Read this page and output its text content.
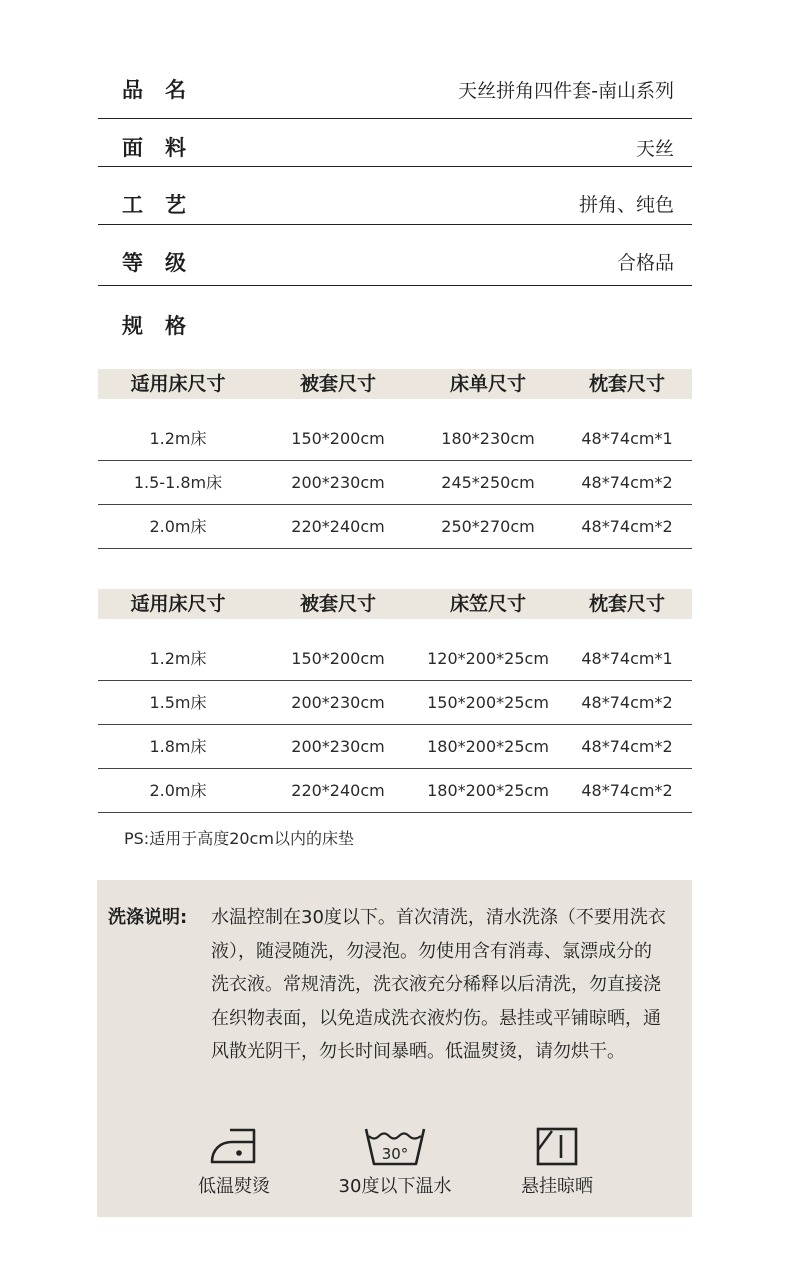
品名	天丝拼角四件套-南山系列
面料	天丝
工艺	拼角、纯色
等级	合格品
规格
适用床尺寸	被套尺寸	床单尺寸	枕套尺寸
1.2m床	150*200cm	180*230cm	48*74cm*1
1.5-1.8m床	200*230cm	245*250cm	48*74cm*2
2.0m床	220*240cm	250*270cm	48*74cm*2
适用床尺寸	被套尺寸	床笠尺寸	枕套尺寸
1.2m床	150*200cm	120*200*25cm	48*74cm*1
1.5m床	200*230cm	150*200*25cm	48*74cm*2
1.8m床	200*230cm	180*200*25cm	48*74cm*2
2.0m床	220*240cm	180*200*25cm	48*74cm*2
PS:适用于高度20cm以内的床垫
洗涤说明: 水温控制在30度以下。首次清洗，清水洗涤（不要用洗衣液），随浸随洗，勿浸泡。勿使用含有消毒、氯漂成分的洗衣液。常规清洗，洗衣液充分稀释以后清洗，勿直接浇在织物表面，以免造成洗衣液灼伤。悬挂或平铺晾晒，通风散光阴干，勿长时间暴晒。低温熨烫，请勿烘干。
低温熨烫
30°
30度以下温水	悬挂晾晒
